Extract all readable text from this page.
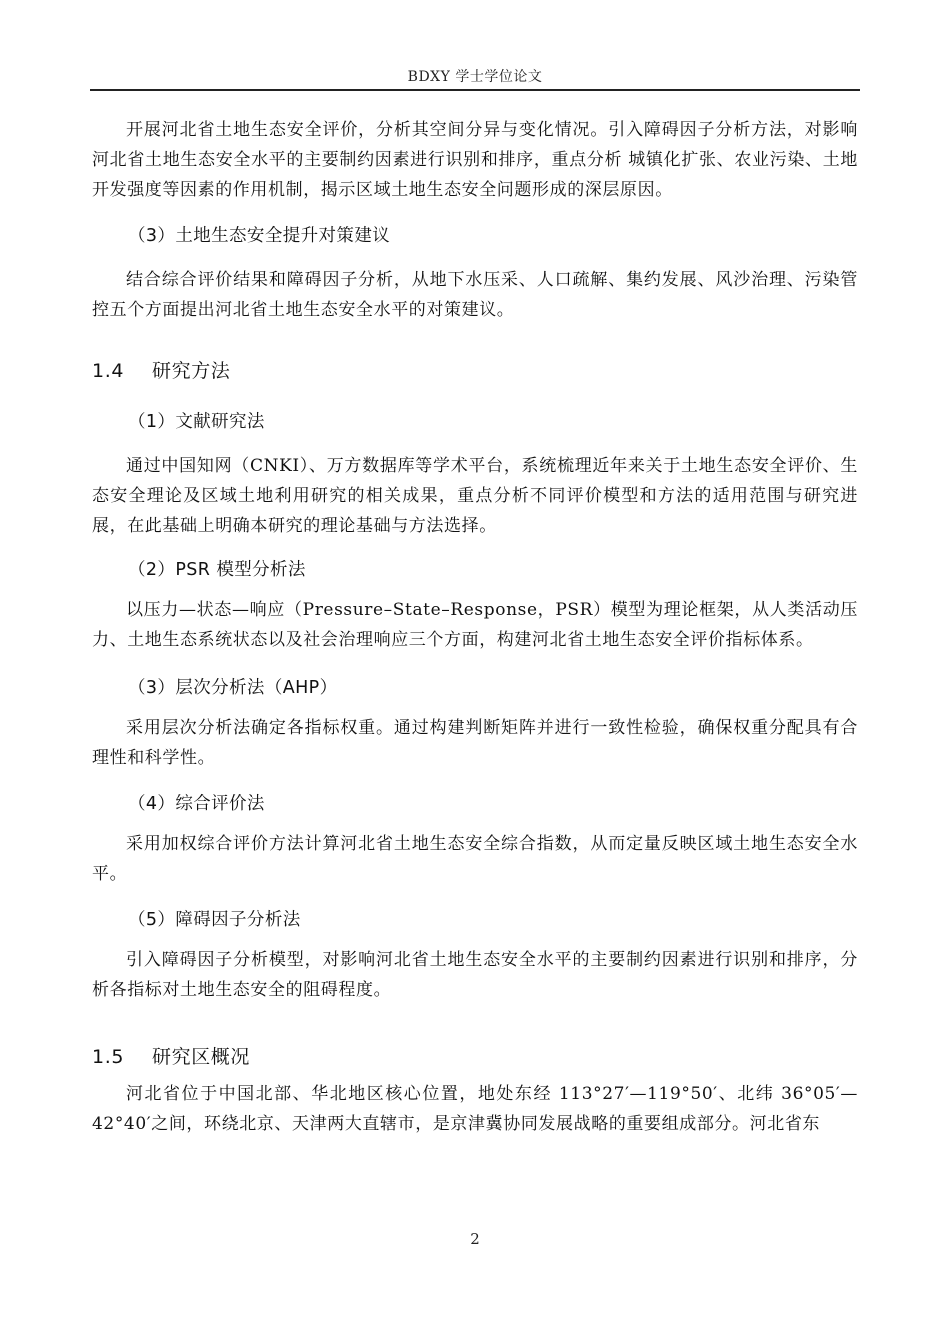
BDXY 学士学位论文

开展河北省土地生态安全评价，分析其空间分异与变化情况。引入障碍因子分析方法，对影响河北省土地生态安全水平的主要制约因素进行识别和排序，重点分析 城镇化扩张、农业污染、土地开发强度等因素的作用机制，揭示区域土地生态安全问题形成的深层原因。

（3）土地生态安全提升对策建议

结合综合评价结果和障碍因子分析，从地下水压采、人口疏解、集约发展、风沙治理、污染管控五个方面提出河北省土地生态安全水平的对策建议。

1.4 研究方法

（1）文献研究法

通过中国知网（CNKI）、万方数据库等学术平台，系统梳理近年来关于土地生态安全评价、生态安全理论及区域土地利用研究的相关成果，重点分析不同评价模型和方法的适用范围与研究进展，在此基础上明确本研究的理论基础与方法选择。

（2）PSR 模型分析法

以压力—状态—响应（Pressure–State–Response，PSR）模型为理论框架，从人类活动压力、土地生态系统状态以及社会治理响应三个方面，构建河北省土地生态安全评价指标体系。

（3）层次分析法（AHP）

采用层次分析法确定各指标权重。通过构建判断矩阵并进行一致性检验，确保权重分配具有合理性和科学性。

（4）综合评价法

采用加权综合评价方法计算河北省土地生态安全综合指数，从而定量反映区域土地生态安全水平。

（5）障碍因子分析法

引入障碍因子分析模型，对影响河北省土地生态安全水平的主要制约因素进行识别和排序，分析各指标对土地生态安全的阻碍程度。

1.5 研究区概况

河北省位于中国北部、华北地区核心位置，地处东经 113°27′—119°50′、北纬 36°05′—42°40′之间，环绕北京、天津两大直辖市，是京津冀协同发展战略的重要组成部分。河北省东

2
